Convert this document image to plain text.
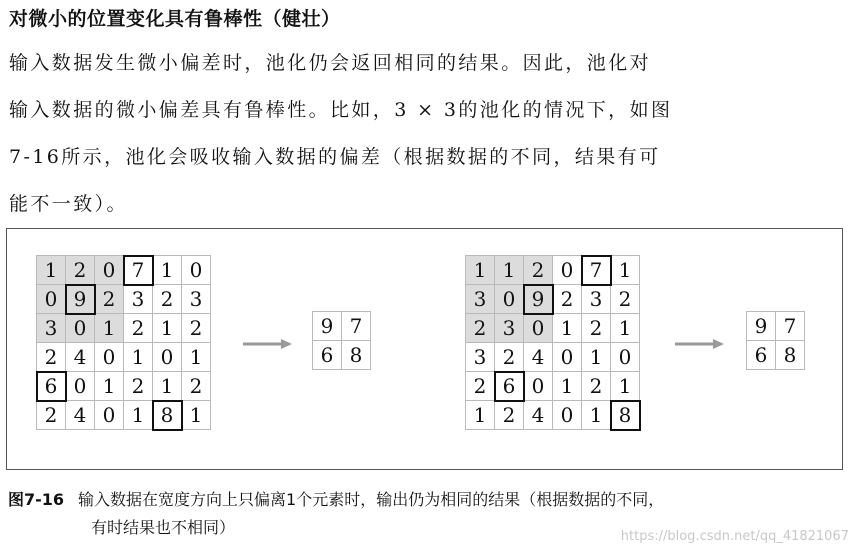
对微小的位置变化具有鲁棒性（健壮）
输入数据发生微小偏差时，池化仍会返回相同的结果。因此，池化对
输入数据的微小偏差具有鲁棒性。比如，3 × 3的池化的情况下，如图
7-16所示，池化会吸收输入数据的偏差（根据数据的不同，结果有可
能不一致）。
1	2	0	7	1	0
0	9	2	3	2	3
3	0	1	2	1	2
2	4	0	1	0	1
6	0	1	2	1	2
2	4	0	1	8	1
9	7
6	8
1	1	2	0	7	1
3	0	9	2	3	2
2	3	0	1	2	1
3	2	4	0	1	0
2	6	0	1	2	1
1	2	4	0	1	8
9	7
6	8
图7-16 输入数据在宽度方向上只偏离1个元素时，输出仍为相同的结果（根据数据的不同，
有时结果也不相同）	https://blog.csdn.net/qq_41821067
